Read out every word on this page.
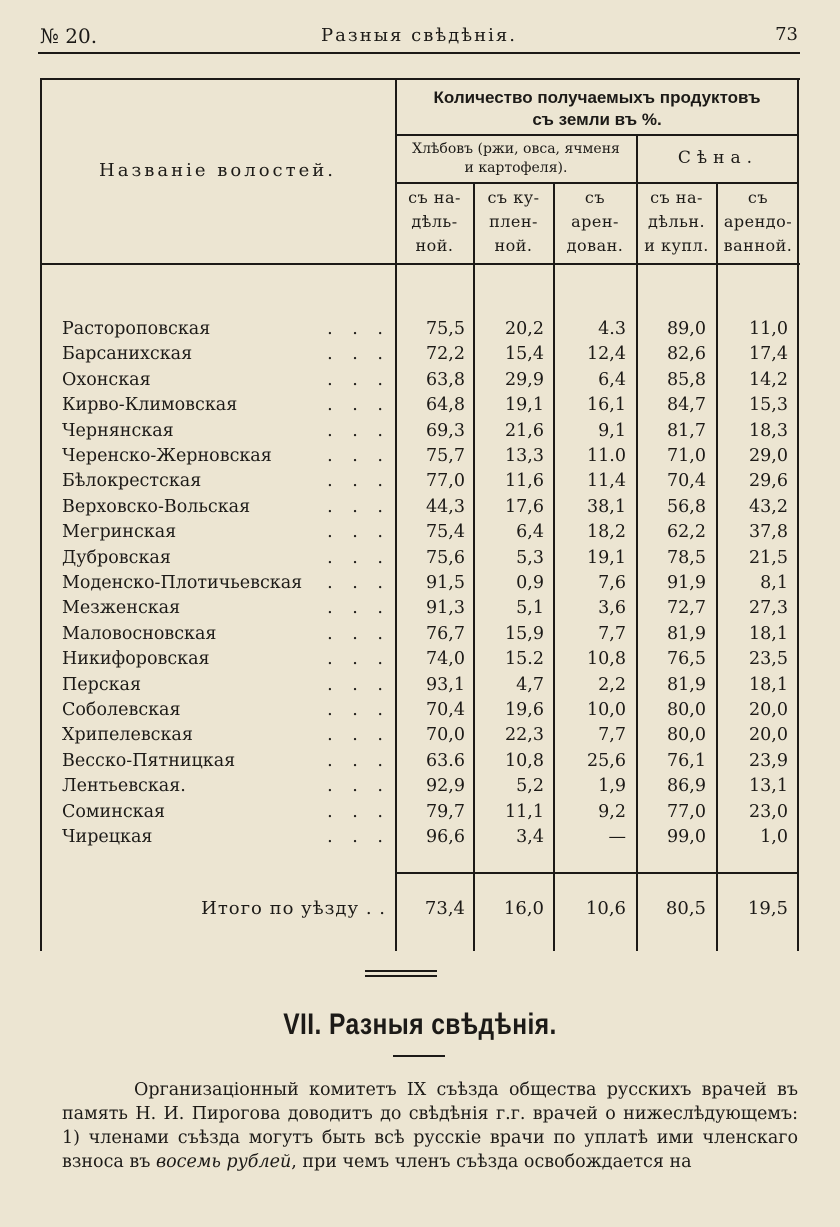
№ 20.	Разныя свѣдѣнія.	73
Названіе волостей.
Количество получаемыхъ продуктовъ
съ земли въ %.
Хлѣбовъ (ржи, овса, ячменя
и картофеля).	Сѣна.
съ на-
дѣль-
ной.
съ ку-
плен-
ной.
съ
арен-
дован.
съ на-
дѣльн.
и купл.
съ
арендо-
ванной.
Растороповская	. . .	75,5	20,2	4.3	89,0	11,0
Барсанихская	. . .	72,2	15,4	12,4	82,6	17,4
Охонская	. . .	63,8	29,9	6,4	85,8	14,2
Кирво-Климовская	. . .	64,8	19,1	16,1	84,7	15,3
Чернянская	. . .	69,3	21,6	9,1	81,7	18,3
Черенско-Жерновская	. . .	75,7	13,3	11.0	71,0	29,0
Бѣлокрестская	. . .	77,0	11,6	11,4	70,4	29,6
Верховско-Вольская	. . .	44,3	17,6	38,1	56,8	43,2
Мегринская	. . .	75,4	6,4	18,2	62,2	37,8
Дубровская	. . .	75,6	5,3	19,1	78,5	21,5
Моденско-Плотичьевская . . .	91,5	0,9	7,6	91,9	8,1
Мезженская	. . .	91,3	5,1	3,6	72,7	27,3
Маловосновская	. . .	76,7	15,9	7,7	81,9	18,1
Никифоровская	. . .	74,0	15.2	10,8	76,5	23,5
Перская	. . .	93,1	4,7	2,2	81,9	18,1
Соболевская	. . .	70,4	19,6	10,0	80,0	20,0
Хрипелевская	. . .	70,0	22,3	7,7	80,0	20,0
Весско-Пятницкая	. . .	63.6	10,8	25,6	76,1	23,9
Лентьевская.	. . .	92,9	5,2	1,9	86,9	13,1
Соминская	. . .	79,7	11,1	9,2	77,0	23,0
Чирецкая	. . .	96,6	3,4	—	99,0	1,0
Итого по уѣзду . .	73,4	16,0	10,6	80,5	19,5
VII. Разныя свѣдѣнія.

Организаціонный комитетъ IX съѣзда общества русскихъ врачей въ память Н. И. Пирогова доводитъ до свѣдѣнія г.г. врачей о нижеслѣдующемъ: 1) членами съѣзда могутъ быть всѣ русскіе врачи по уплатѣ ими членскаго взноса въ восемь рублей, при чемъ членъ съѣзда освобождается на
